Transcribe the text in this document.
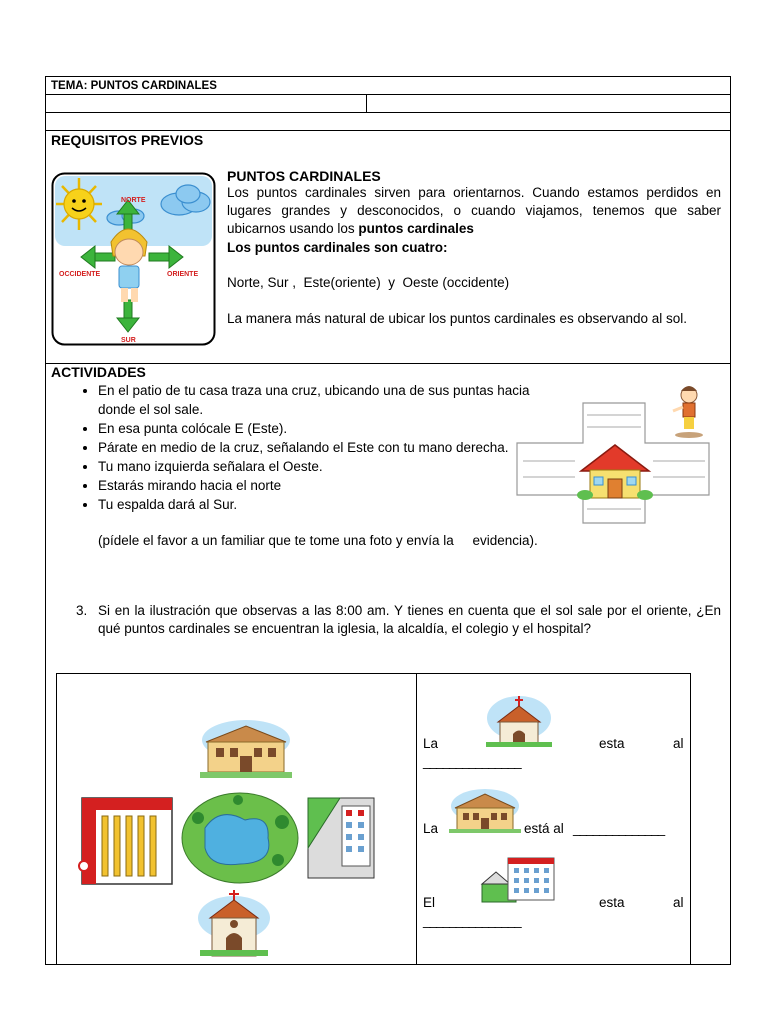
TEMA: PUNTOS CARDINALES
REQUISITOS PREVIOS
NORTE
OCCIDENTE	ORIENTE
SUR
PUNTOS CARDINALES
Los puntos cardinales sirven para orientarnos. Cuando estamos perdidos en lugares grandes y desconocidos, o cuando viajamos, tenemos que saber ubicarnos usando los puntos cardinales
Los puntos cardinales son cuatro:
Norte, Sur ,  Este(oriente)  y  Oeste (occidente)
La manera más natural de ubicar los puntos cardinales es observando al sol.
ACTIVIDADES
• En el patio de tu casa traza una cruz, ubicando una de sus puntas hacia donde el sol sale.
• En esa punta colócale E (Este).
• Párate en medio de la cruz, señalando el Este con tu mano derecha.
• Tu mano izquierda señalara el Oeste.
• Estarás mirando hacia el norte
• Tu espalda dará al Sur.
(pídele el favor a un familiar que te tome una foto y envía la     evidencia).
3. Si en la ilustración que observas a las 8:00 am. Y tienes en cuenta que el sol sale por el oriente, ¿En qué puntos cardinales se encuentran la iglesia, la alcaldía, el colegio y el hospital?
La	esta	al
_______________
La	está al ______________
El	esta	al
_______________
